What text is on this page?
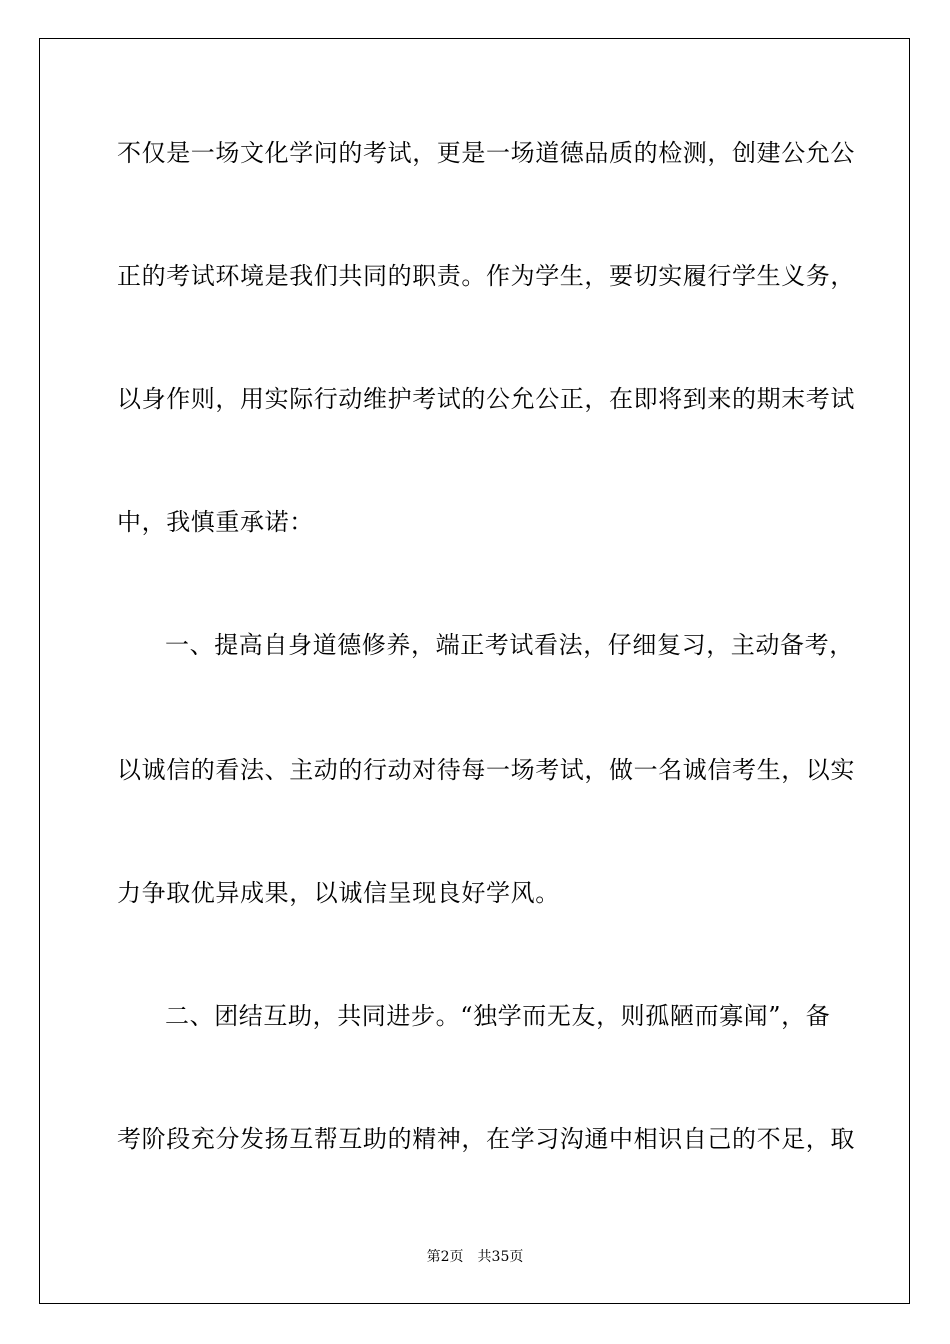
不仅是一场文化学问的考试，更是一场道德品质的检测，创建公允公

正的考试环境是我们共同的职责。作为学生，要切实履行学生义务，

以身作则，用实际行动维护考试的公允公正，在即将到来的期末考试

中，我慎重承诺：

一、提高自身道德修养，端正考试看法，仔细复习，主动备考，

以诚信的看法、主动的行动对待每一场考试，做一名诚信考生，以实

力争取优异成果，以诚信呈现良好学风。

二、团结互助，共同进步。“独学而无友，则孤陋而寡闻”，备

考阶段充分发扬互帮互助的精神，在学习沟通中相识自己的不足，取

第2页 共35页
